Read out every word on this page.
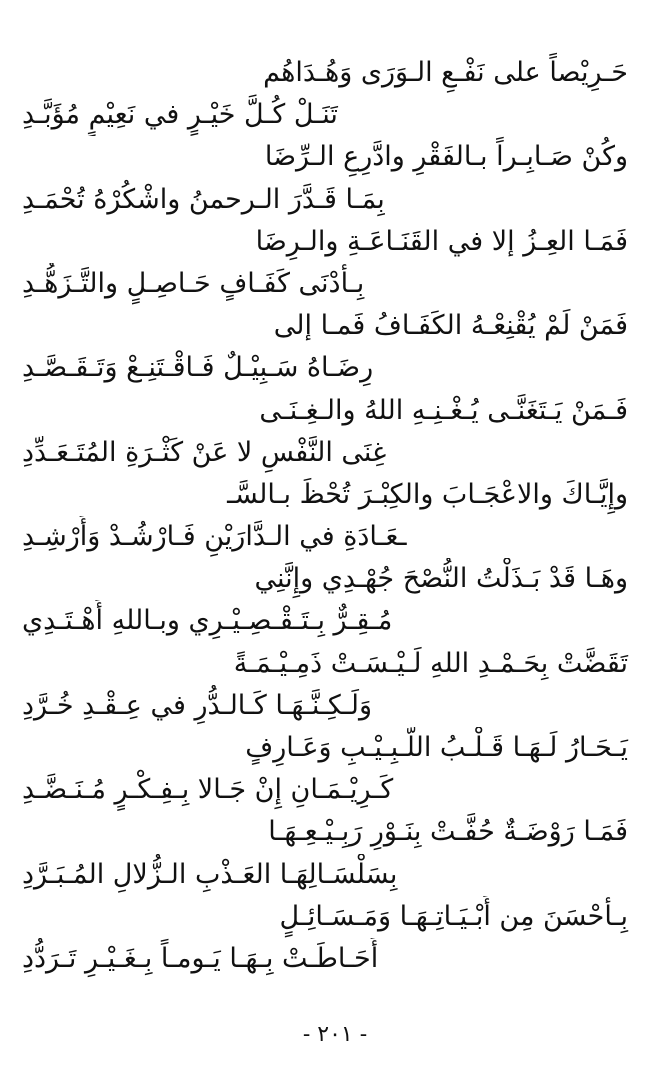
حَـرِيْصاً على نَفْـعِ الـوَرَى وَهُـدَاهُم
تَنَـلْ كُـلَّ خَيْـرٍ في نَعِيْمٍ مُؤَبَّـدِ
وكُنْ صَـابِـراً بـالفَقْرِ وادَّرِعِ الـرِّضَا
بِمَـا قَـدَّرَ الـرحمنُ واشْكُرْهُ تُحْمَـدِ
فَمَـا العِـزُ إلا في القَنَـاعَـةِ والـرِضَا
بِـأَدْنَى كَفَـافٍ حَـاصِـلٍ والتَّـزَهُّـدِ
فَمَنْ لَمْ يُقْنِعْـهُ الكَفَـافُ فَمـا إلى
رِضَـاهُ سَـبِيْـلٌ فَـاقْـتَنِـعْ وَتَـقَـصَّـدِ
فَـمَنْ يَـتَغَنَّـى يُـغْـنِـهِ اللهُ والـغِـنَـى
غِنَى النَّفْسِ لا عَنْ كَثْـرَةِ المُتَـعَـدِّدِ
وإِيَّـاكَ والاعْجَـابَ والكِبْـرَ تُحْظَ بـالسَّـ
ـعَـادَةِ في الـدَّارَيْنِ فَـارْشُـدْ وَأَرْشِـدِ
وهَـا قَدْ بَـذَلْتُ النُّصْحَ جُهْـدِي وإِنَّنِي
مُـقِـرٌّ بِـتَـقْـصِـيْـرِي وبـاللهِ أَهْـتَـدِي
تَقَضَّتْ بِحَـمْـدِ اللهِ لَـيْـسَـتْ ذَمِـيْـمَـةً
وَلَـكِـنَّـهَـا كَـالـدُّرِ في عِـقْـدِ خُـرَّدِ
يَـحَـارُ لَـهَـا قَـلْـبُ اللَّـبِـيْـبِ وَعَـارِفٍ
كَـرِيْـمَـانِ إِنْ جَـالا بِـفِـكْـرٍ مُـنَـضَّـدِ
فَمَـا رَوْضَـةٌ حُفَّـتْ بِنَـوْرِ رَبِـيْـعِـهَـا
بِسَلْسَـالِهَـا العَـذْبِ الـزُّلالِ المُـبَـرَّدِ
بِـأَحْسَنَ مِن أَبْـيَـاتِـهَـا وَمَـسَـائِـلٍ
أَحَـاطَـتْ بِـهَـا يَـومـاً بِـغَـيْـرِ تَـرَدُّدِ
- ٢٠١ -
